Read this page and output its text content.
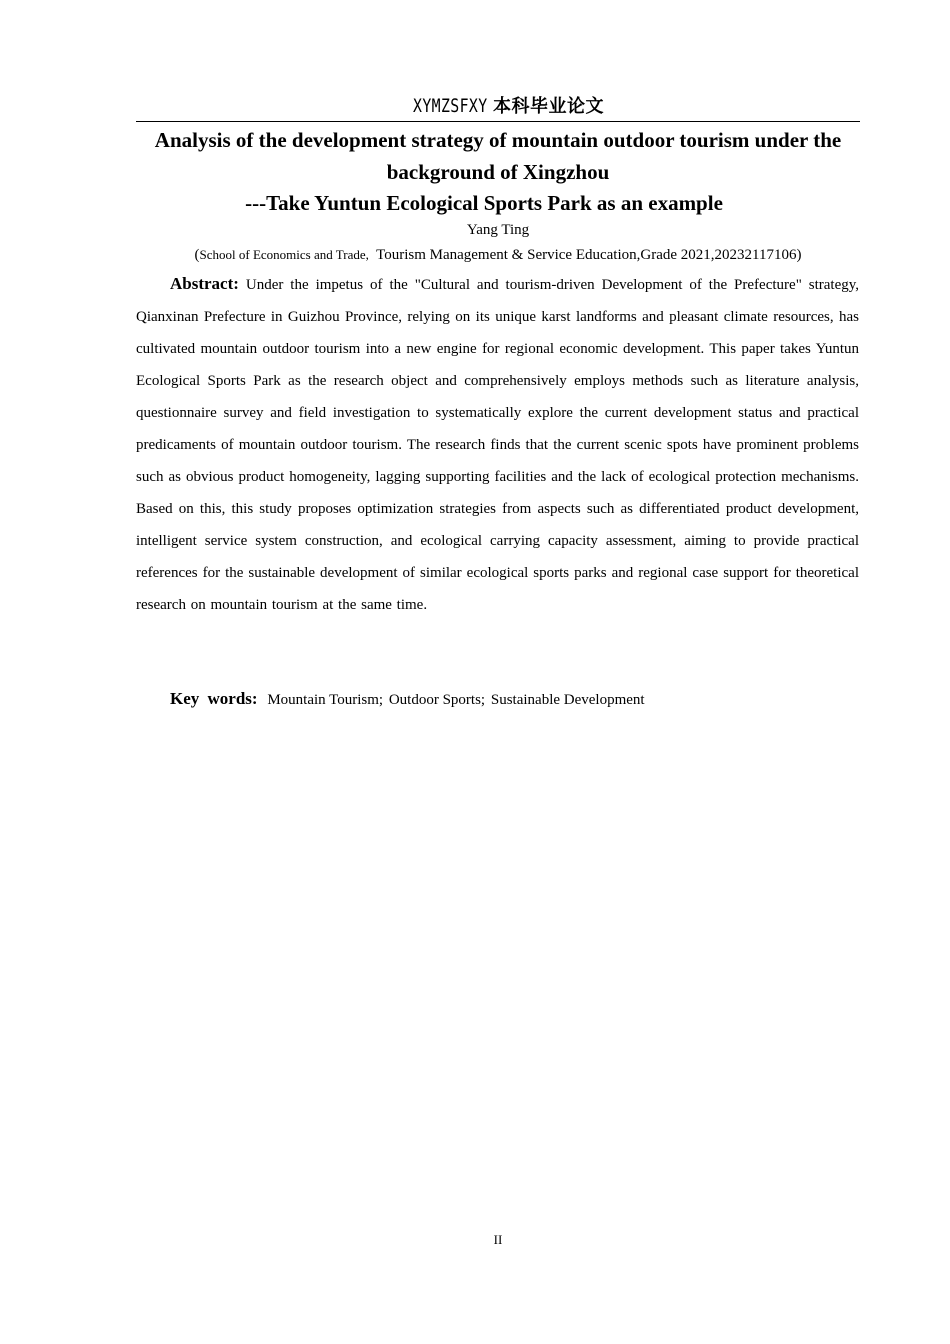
XYMZSFXY 本科毕业论文
Analysis of the development strategy of mountain outdoor tourism under the background of Xingzhou
---Take Yuntun Ecological Sports Park as an example
Yang Ting
(School of Economics and Trade, Tourism Management & Service Education,Grade 2021,20232117106)

Abstract: Under the impetus of the "Cultural and tourism-driven Development of the Prefecture" strategy, Qianxinan Prefecture in Guizhou Province, relying on its unique karst landforms and pleasant climate resources, has cultivated mountain outdoor tourism into a new engine for regional economic development. This paper takes Yuntun Ecological Sports Park as the research object and comprehensively employs methods such as literature analysis, questionnaire survey and field investigation to systematically explore the current development status and practical predicaments of mountain outdoor tourism. The research finds that the current scenic spots have prominent problems such as obvious product homogeneity, lagging supporting facilities and the lack of ecological protection mechanisms. Based on this, this study proposes optimization strategies from aspects such as differentiated product development, intelligent service system construction, and ecological carrying capacity assessment, aiming to provide practical references for the sustainable development of similar ecological sports parks and regional case support for theoretical research on mountain tourism at the same time.

Key words: Mountain Tourism; Outdoor Sports; Sustainable Development
II
